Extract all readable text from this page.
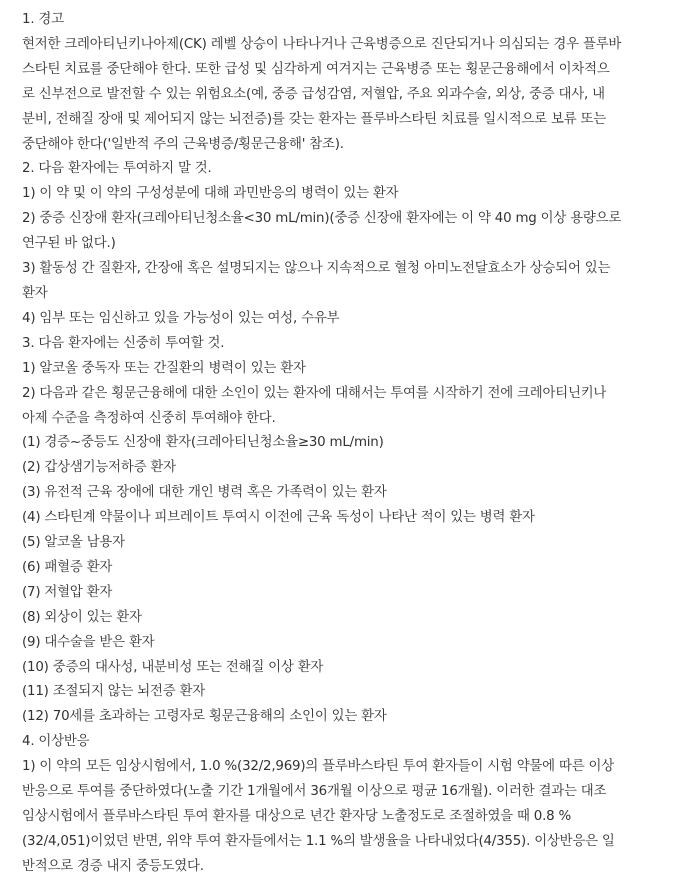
1. 경고
현저한 크레아티닌키나아제(CK) 레벨 상승이 나타나거나 근육병증으로 진단되거나 의심되는 경우 플루바
스타틴 치료를 중단해야 한다. 또한 급성 및 심각하게 여겨지는 근육병증 또는 횡문근융해에서 이차적으
로 신부전으로 발전할 수 있는 위험요소(예, 중증 급성감염, 저혈압, 주요 외과수술, 외상, 중증 대사, 내
분비, 전해질 장애 및 제어되지 않는 뇌전증)를 갖는 환자는 플루바스타틴 치료를 일시적으로 보류 또는
중단해야 한다('일반적 주의 근육병증/횡문근융해' 참조).
2. 다음 환자에는 투여하지 말 것.
1) 이 약 및 이 약의 구성성분에 대해 과민반응의 병력이 있는 환자
2) 중증 신장애 환자(크레아티닌청소율<30 mL/min)(중증 신장애 환자에는 이 약 40 mg 이상 용량으로
연구된 바 없다.)
3) 활동성 간 질환자, 간장애 혹은 설명되지는 않으나 지속적으로 혈청 아미노전달효소가 상승되어 있는
환자
4) 임부 또는 임신하고 있을 가능성이 있는 여성, 수유부
3. 다음 환자에는 신중히 투여할 것.
1) 알코올 중독자 또는 간질환의 병력이 있는 환자
2) 다음과 같은 횡문근융해에 대한 소인이 있는 환자에 대해서는 투여를 시작하기 전에 크레아티닌키나
아제 수준을 측정하여 신중히 투여해야 한다.
(1) 경증~중등도 신장애 환자(크레아티닌청소율≥30 mL/min)
(2) 갑상샘기능저하증 환자
(3) 유전적 근육 장애에 대한 개인 병력 혹은 가족력이 있는 환자
(4) 스타틴계 약물이나 피브레이트 투여시 이전에 근육 독성이 나타난 적이 있는 병력 환자
(5) 알코올 남용자
(6) 패혈증 환자
(7) 저혈압 환자
(8) 외상이 있는 환자
(9) 대수술을 받은 환자
(10) 중증의 대사성, 내분비성 또는 전해질 이상 환자
(11) 조절되지 않는 뇌전증 환자
(12) 70세를 초과하는 고령자로 횡문근융해의 소인이 있는 환자
4. 이상반응
1) 이 약의 모든 임상시험에서, 1.0 %(32/2,969)의 플루바스타틴 투여 환자들이 시험 약물에 따른 이상
반응으로 투여를 중단하였다(노출 기간 1개월에서 36개월 이상으로 평균 16개월). 이러한 결과는 대조
임상시험에서 플루바스타틴 투여 환자를 대상으로 년간 환자당 노출정도로 조절하였을 때 0.8 %
(32/4,051)이었던 반면, 위약 투여 환자들에서는 1.1 %의 발생율을 나타내었다(4/355). 이상반응은 일
반적으로 경증 내지 중등도였다.
